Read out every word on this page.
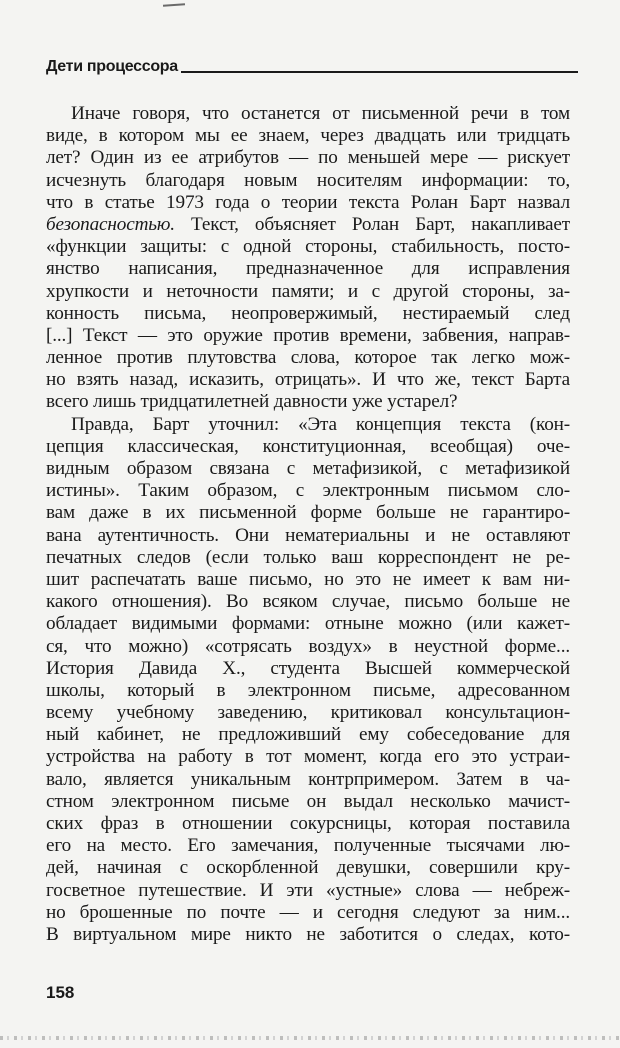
Дети процессора
Иначе говоря, что останется от письменной речи в том
виде, в котором мы ее знаем, через двадцать или тридцать
лет? Один из ее атрибутов — по меньшей мере — рискует
исчезнуть благодаря новым носителям информации: то,
что в статье 1973 года о теории текста Ролан Барт назвал
безопасностью. Текст, объясняет Ролан Барт, накапливает
«функции защиты: с одной стороны, стабильность, посто-
янство написания, предназначенное для исправления
хрупкости и неточности памяти; и с другой стороны, за-
конность письма, неопровержимый, нестираемый след
[...] Текст — это оружие против времени, забвения, направ-
ленное против плутовства слова, которое так легко мож-
но взять назад, исказить, отрицать». И что же, текст Барта
всего лишь тридцатилетней давности уже устарел?
Правда, Барт уточнил: «Эта концепция текста (кон-
цепция классическая, конституционная, всеобщая) оче-
видным образом связана с метафизикой, с метафизикой
истины». Таким образом, с электронным письмом сло-
вам даже в их письменной форме больше не гарантиро-
вана аутентичность. Они нематериальны и не оставляют
печатных следов (если только ваш корреспондент не ре-
шит распечатать ваше письмо, но это не имеет к вам ни-
какого отношения). Во всяком случае, письмо больше не
обладает видимыми формами: отныне можно (или кажет-
ся, что можно) «сотрясать воздух» в неустной форме...
История Давида Х., студента Высшей коммерческой
школы, который в электронном письме, адресованном
всему учебному заведению, критиковал консультацион-
ный кабинет, не предложивший ему собеседование для
устройства на работу в тот момент, когда его это устраи-
вало, является уникальным контрпримером. Затем в ча-
стном электронном письме он выдал несколько мачист-
ских фраз в отношении сокурсницы, которая поставила
его на место. Его замечания, полученные тысячами лю-
дей, начиная с оскорбленной девушки, совершили кру-
госветное путешествие. И эти «устные» слова — небреж-
но брошенные по почте — и сегодня следуют за ним...
В виртуальном мире никто не заботится о следах, кото-
158
